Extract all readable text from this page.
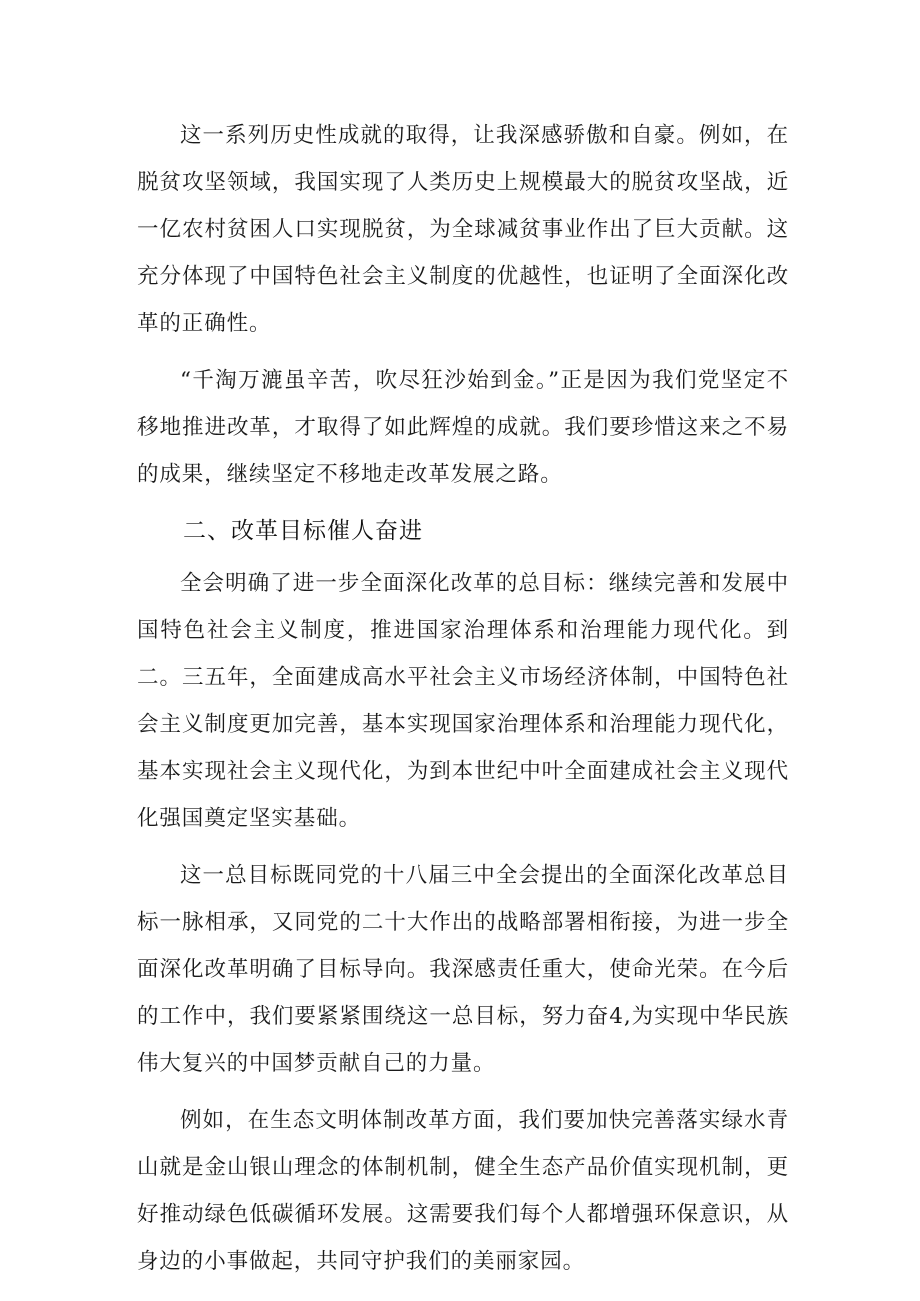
这一系列历史性成就的取得，让我深感骄傲和自豪。例如，在脱贫攻坚领域，我国实现了人类历史上规模最大的脱贫攻坚战，近一亿农村贫困人口实现脱贫，为全球减贫事业作出了巨大贡献。这充分体现了中国特色社会主义制度的优越性，也证明了全面深化改革的正确性。

“千淘万漉虽辛苦，吹尽狂沙始到金。”正是因为我们党坚定不移地推进改革，才取得了如此辉煌的成就。我们要珍惜这来之不易的成果，继续坚定不移地走改革发展之路。

二、改革目标催人奋进

全会明确了进一步全面深化改革的总目标：继续完善和发展中国特色社会主义制度，推进国家治理体系和治理能力现代化。到二。三五年，全面建成高水平社会主义市场经济体制，中国特色社会主义制度更加完善，基本实现国家治理体系和治理能力现代化，基本实现社会主义现代化，为到本世纪中叶全面建成社会主义现代化强国奠定坚实基础。

这一总目标既同党的十八届三中全会提出的全面深化改革总目标一脉相承，又同党的二十大作出的战略部署相衔接，为进一步全面深化改革明确了目标导向。我深感责任重大，使命光荣。在今后的工作中，我们要紧紧围绕这一总目标，努力奋4,为实现中华民族伟大复兴的中国梦贡献自己的力量。

例如，在生态文明体制改革方面，我们要加快完善落实绿水青山就是金山银山理念的体制机制，健全生态产品价值实现机制，更好推动绿色低碳循环发展。这需要我们每个人都增强环保意识，从身边的小事做起，共同守护我们的美丽家园。
